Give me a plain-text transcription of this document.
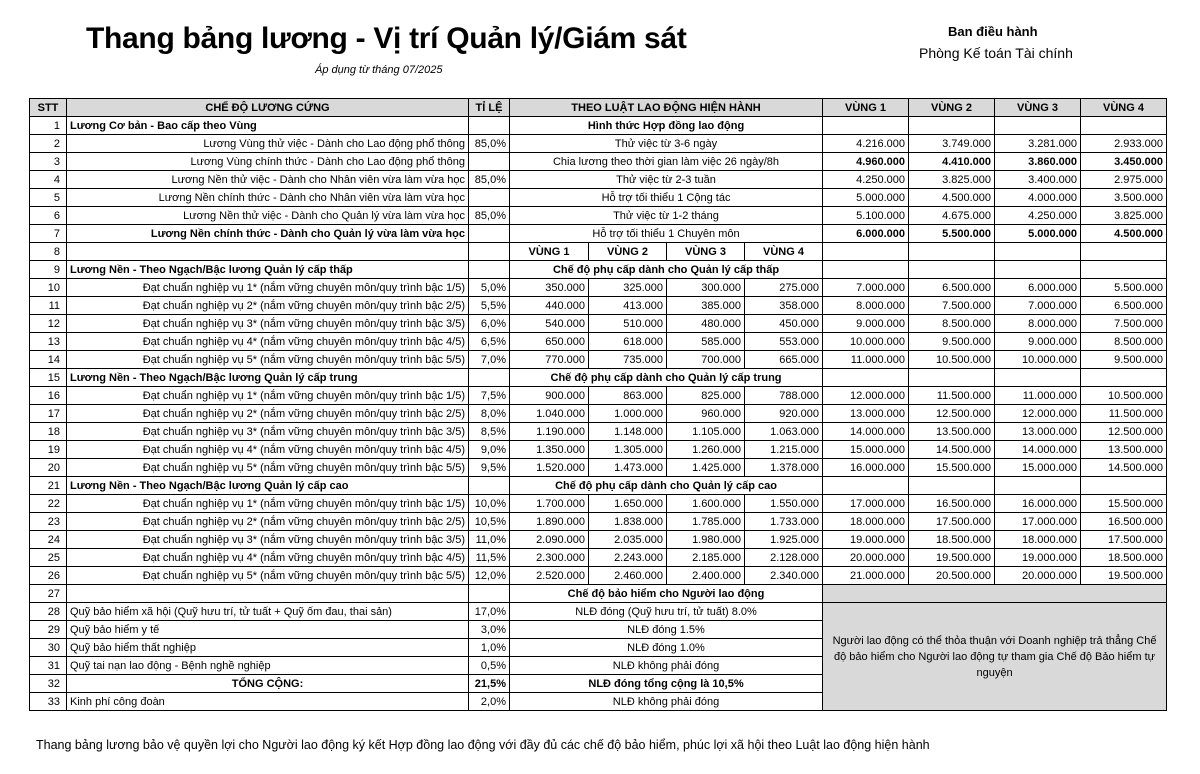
Thang bảng lương - Vị trí Quản lý/Giám sát
Áp dụng từ tháng 07/2025
Ban điều hành
Phòng Kế toán Tài chính
STT	CHẾ ĐỘ LƯƠNG CỨNG	TỈ LỆ	THEO LUẬT LAO ĐỘNG HIỆN HÀNH				VÙNG 1	VÙNG 2	VÙNG 3	VÙNG 4
1	Lương Cơ bản - Bao cấp theo Vùng		Hình thức Hợp đồng lao động							
2	Lương Vùng thử việc - Dành cho Lao động phổ thông	85,0%	Thử việc từ 3-6 ngày				4.216.000	3.749.000	3.281.000	2.933.000
3	Lương Vùng chính thức - Dành cho Lao động phổ thông		Chia lương theo thời gian làm việc 26 ngày/8h				4.960.000	4.410.000	3.860.000	3.450.000
4	Lương Nền thử việc - Dành cho Nhân viên vừa làm vừa học	85,0%	Thử việc từ 2-3 tuần				4.250.000	3.825.000	3.400.000	2.975.000
5	Lương Nền chính thức - Dành cho Nhân viên vừa làm vừa học		Hỗ trợ tối thiểu 1 Cộng tác				5.000.000	4.500.000	4.000.000	3.500.000
6	Lương Nền thử việc - Dành cho Quản lý vừa làm vừa học	85,0%	Thử việc từ 1-2 tháng				5.100.000	4.675.000	4.250.000	3.825.000
7	Lương Nền chính thức - Dành cho Quản lý vừa làm vừa học		Hỗ trợ tối thiểu 1 Chuyên môn				6.000.000	5.500.000	5.000.000	4.500.000
8			VÙNG 1	VÙNG 2	VÙNG 3	VÙNG 4				
9	Lương Nền - Theo Ngạch/Bậc lương Quản lý cấp thấp		Chế độ phụ cấp dành cho Quản lý cấp thấp							
10	Đạt chuẩn nghiệp vụ 1* (nắm vững chuyên môn/quy trình bậc 1/5)	5,0%	350.000	325.000	300.000	275.000	7.000.000	6.500.000	6.000.000	5.500.000
11	Đạt chuẩn nghiệp vụ 2* (nắm vững chuyên môn/quy trình bậc 2/5)	5,5%	440.000	413.000	385.000	358.000	8.000.000	7.500.000	7.000.000	6.500.000
12	Đạt chuẩn nghiệp vụ 3* (nắm vững chuyên môn/quy trình bậc 3/5)	6,0%	540.000	510.000	480.000	450.000	9.000.000	8.500.000	8.000.000	7.500.000
13	Đạt chuẩn nghiệp vụ 4* (nắm vững chuyên môn/quy trình bậc 4/5)	6,5%	650.000	618.000	585.000	553.000	10.000.000	9.500.000	9.000.000	8.500.000
14	Đạt chuẩn nghiệp vụ 5* (nắm vững chuyên môn/quy trình bậc 5/5)	7,0%	770.000	735.000	700.000	665.000	11.000.000	10.500.000	10.000.000	9.500.000
15	Lương Nền - Theo Ngạch/Bậc lương Quản lý cấp trung		Chế độ phụ cấp dành cho Quản lý cấp trung							
16	Đạt chuẩn nghiệp vụ 1* (nắm vững chuyên môn/quy trình bậc 1/5)	7,5%	900.000	863.000	825.000	788.000	12.000.000	11.500.000	11.000.000	10.500.000
17	Đạt chuẩn nghiệp vụ 2* (nắm vững chuyên môn/quy trình bậc 2/5)	8,0%	1.040.000	1.000.000	960.000	920.000	13.000.000	12.500.000	12.000.000	11.500.000
18	Đạt chuẩn nghiệp vụ 3* (nắm vững chuyên môn/quy trình bậc 3/5)	8,5%	1.190.000	1.148.000	1.105.000	1.063.000	14.000.000	13.500.000	13.000.000	12.500.000
19	Đạt chuẩn nghiệp vụ 4* (nắm vững chuyên môn/quy trình bậc 4/5)	9,0%	1.350.000	1.305.000	1.260.000	1.215.000	15.000.000	14.500.000	14.000.000	13.500.000
20	Đạt chuẩn nghiệp vụ 5* (nắm vững chuyên môn/quy trình bậc 5/5)	9,5%	1.520.000	1.473.000	1.425.000	1.378.000	16.000.000	15.500.000	15.000.000	14.500.000
21	Lương Nền - Theo Ngạch/Bậc lương Quản lý cấp cao		Chế độ phụ cấp dành cho Quản lý cấp cao							
22	Đạt chuẩn nghiệp vụ 1* (nắm vững chuyên môn/quy trình bậc 1/5)	10,0%	1.700.000	1.650.000	1.600.000	1.550.000	17.000.000	16.500.000	16.000.000	15.500.000
23	Đạt chuẩn nghiệp vụ 2* (nắm vững chuyên môn/quy trình bậc 2/5)	10,5%	1.890.000	1.838.000	1.785.000	1.733.000	18.000.000	17.500.000	17.000.000	16.500.000
24	Đạt chuẩn nghiệp vụ 3* (nắm vững chuyên môn/quy trình bậc 3/5)	11,0%	2.090.000	2.035.000	1.980.000	1.925.000	19.000.000	18.500.000	18.000.000	17.500.000
25	Đạt chuẩn nghiệp vụ 4* (nắm vững chuyên môn/quy trình bậc 4/5)	11,5%	2.300.000	2.243.000	2.185.000	2.128.000	20.000.000	19.500.000	19.000.000	18.500.000
26	Đạt chuẩn nghiệp vụ 5* (nắm vững chuyên môn/quy trình bậc 5/5)	12,0%	2.520.000	2.460.000	2.400.000	2.340.000	21.000.000	20.500.000	20.000.000	19.500.000
27			Chế độ bảo hiểm cho Người lao động							
28	Quỹ bảo hiểm xã hội (Quỹ hưu trí, tử tuất + Quỹ ốm đau, thai sản)	17,0%	NLĐ đóng (Quỹ hưu trí, tử tuất) 8.0%				Người lao động có thể thỏa thuận với Doanh nghiệp trả thẳng Chế độ bảo hiểm cho Người lao động tự tham gia Chế độ Bảo hiểm tự nguyện			
29	Quỹ bảo hiểm y tế	3,0%	NLĐ đóng 1.5%							
30	Quỹ bảo hiểm thất nghiệp	1,0%	NLĐ đóng 1.0%							
31	Quỹ tai nạn lao động - Bệnh nghề nghiệp	0,5%	NLĐ không phải đóng							
32	TỔNG CỘNG:	21,5%	NLĐ đóng tổng cộng là 10,5%							
33	Kinh phí công đoàn	2,0%	NLĐ không phải đóng							
Thang bảng lương bảo vệ quyền lợi cho Người lao động ký kết Hợp đồng lao động với đầy đủ các chế độ bảo hiểm, phúc lợi xã hội theo Luật lao động hiện hành
